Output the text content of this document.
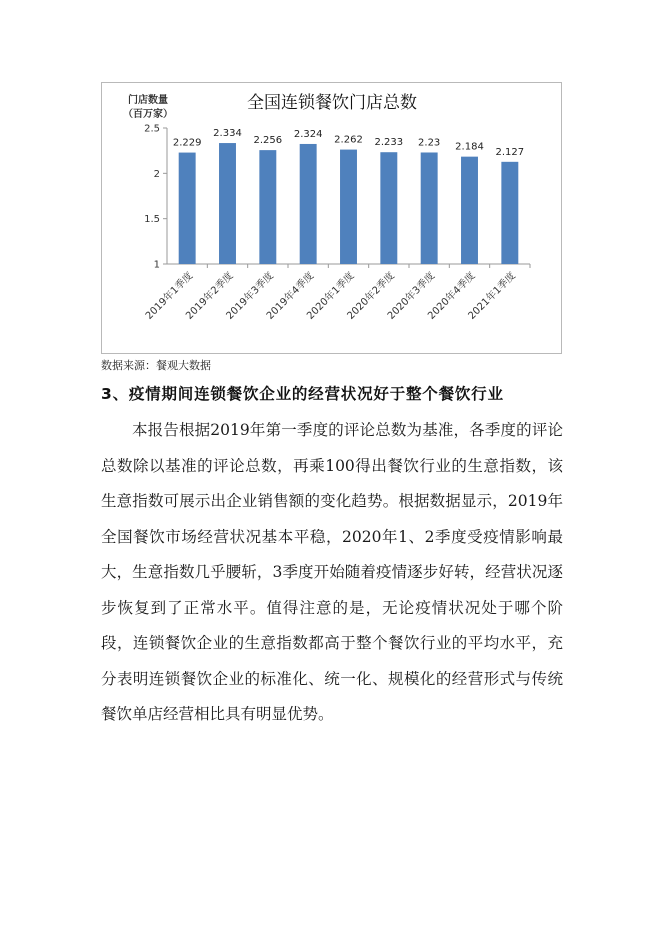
全国连锁餐饮门店总数
门店数量
（百万家）
1
1.5
2
2.5
2.229
2019年1季度
2.334
2019年2季度
2.256
2019年3季度
2.324
2019年4季度
2.262
2020年1季度
2.233
2020年2季度
2.23
2020年3季度
2.184
2020年4季度
2.127
2021年1季度
数据来源：餐观大数据
3、疫情期间连锁餐饮企业的经营状况好于整个餐饮行业

本报告根据2019年第一季度的评论总数为基准，各季度的评论总数除以基准的评论总数，再乘100得出餐饮行业的生意指数，该生意指数可展示出企业销售额的变化趋势。根据数据显示，2019年全国餐饮市场经营状况基本平稳，2020年1、2季度受疫情影响最大，生意指数几乎腰斩，3季度开始随着疫情逐步好转，经营状况逐步恢复到了正常水平。值得注意的是，无论疫情状况处于哪个阶段，连锁餐饮企业的生意指数都高于整个餐饮行业的平均水平，充分表明连锁餐饮企业的标准化、统一化、规模化的经营形式与传统餐饮单店经营相比具有明显优势。
